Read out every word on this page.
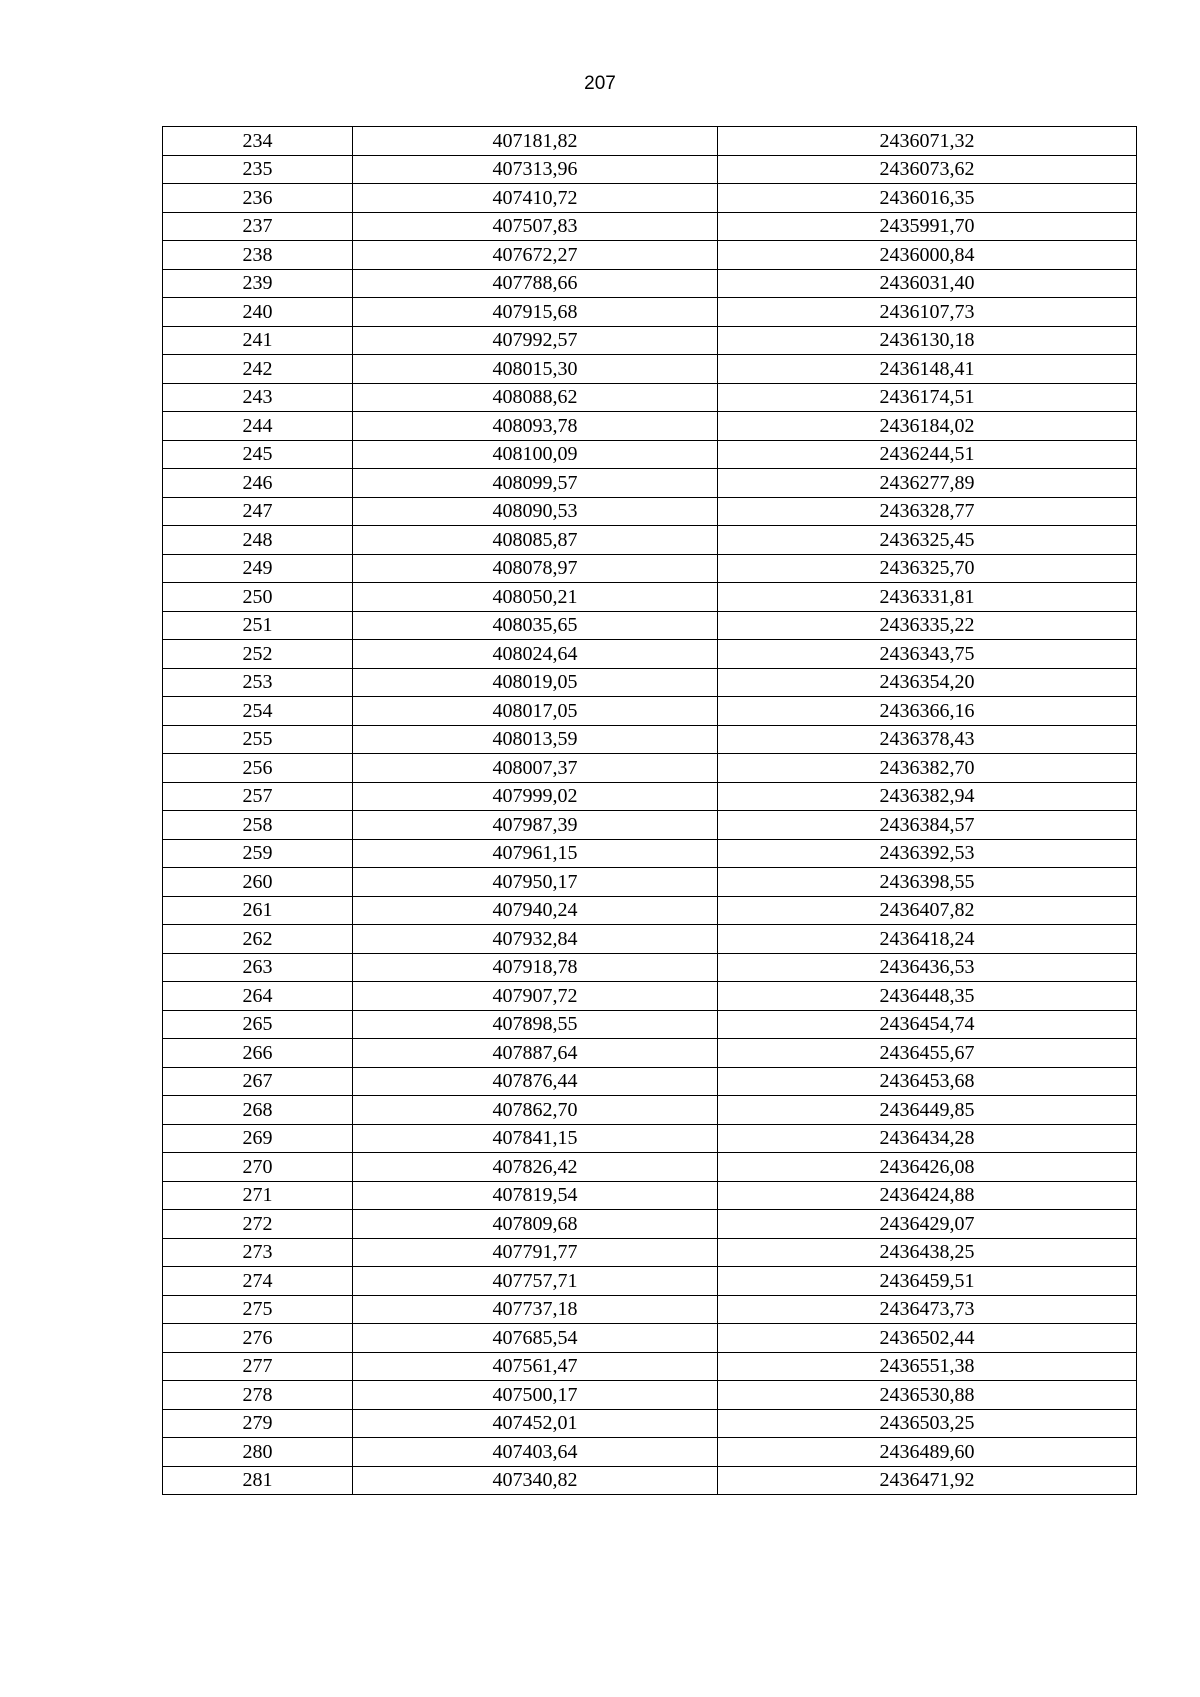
207
234	407181,82	2436071,32
235	407313,96	2436073,62
236	407410,72	2436016,35
237	407507,83	2435991,70
238	407672,27	2436000,84
239	407788,66	2436031,40
240	407915,68	2436107,73
241	407992,57	2436130,18
242	408015,30	2436148,41
243	408088,62	2436174,51
244	408093,78	2436184,02
245	408100,09	2436244,51
246	408099,57	2436277,89
247	408090,53	2436328,77
248	408085,87	2436325,45
249	408078,97	2436325,70
250	408050,21	2436331,81
251	408035,65	2436335,22
252	408024,64	2436343,75
253	408019,05	2436354,20
254	408017,05	2436366,16
255	408013,59	2436378,43
256	408007,37	2436382,70
257	407999,02	2436382,94
258	407987,39	2436384,57
259	407961,15	2436392,53
260	407950,17	2436398,55
261	407940,24	2436407,82
262	407932,84	2436418,24
263	407918,78	2436436,53
264	407907,72	2436448,35
265	407898,55	2436454,74
266	407887,64	2436455,67
267	407876,44	2436453,68
268	407862,70	2436449,85
269	407841,15	2436434,28
270	407826,42	2436426,08
271	407819,54	2436424,88
272	407809,68	2436429,07
273	407791,77	2436438,25
274	407757,71	2436459,51
275	407737,18	2436473,73
276	407685,54	2436502,44
277	407561,47	2436551,38
278	407500,17	2436530,88
279	407452,01	2436503,25
280	407403,64	2436489,60
281	407340,82	2436471,92
